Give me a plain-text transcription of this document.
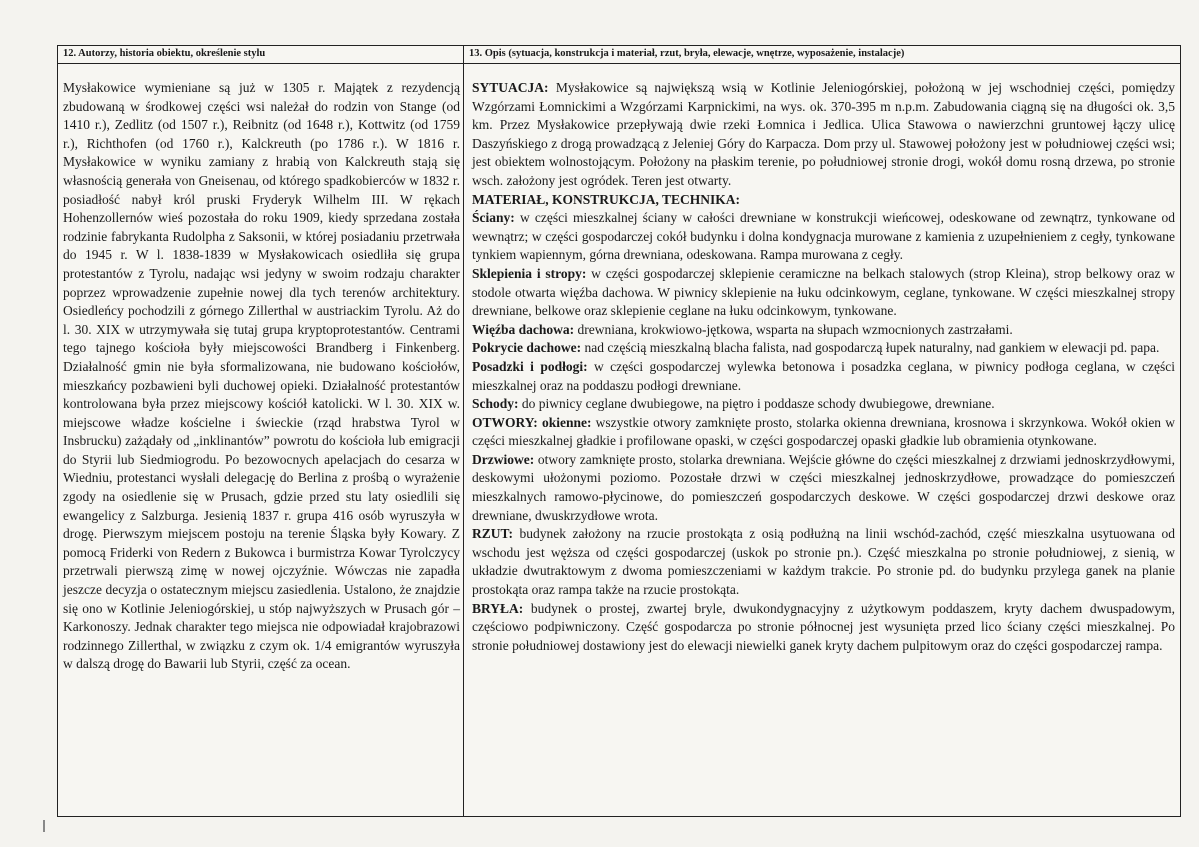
12. Autorzy, historia obiektu, określenie stylu

Mysłakowice wymieniane są już w 1305 r. Majątek z rezydencją zbudowaną w środkowej części wsi należał do rodzin von Stange (od 1410 r.), Zedlitz (od 1507 r.), Reibnitz (od 1648 r.), Kottwitz (od 1759 r.), Richthofen (od 1760 r.), Kalckreuth (po 1786 r.). W 1816 r. Mysłakowice w wyniku zamiany z hrabią von Kalckreuth stają się własnością generała von Gneisenau, od którego spadkobierców w 1832 r. posiadłość nabył król pruski Fryderyk Wilhelm III. W rękach Hohenzollernów wieś pozostała do roku 1909, kiedy sprzedana została rodzinie fabrykanta Rudolpha z Saksonii, w której posiadaniu przetrwała do 1945 r. W l. 1838-1839 w Mysłakowicach osiedliła się grupa protestantów z Tyrolu, nadając wsi jedyny w swoim rodzaju charakter poprzez wprowadzenie zupełnie nowej dla tych terenów architektury. Osiedleńcy pochodzili z górnego Zillerthal w austriackim Tyrolu. Aż do l. 30. XIX w utrzymywała się tutaj grupa kryptoprotestantów. Centrami tego tajnego kościoła były miejscowości Brandberg i Finkenberg. Działalność gmin nie była sformalizowana, nie budowano kościołów, mieszkańcy pozbawieni byli duchowej opieki. Działalność protestantów kontrolowana była przez miejscowy kościół katolicki. W l. 30. XIX w. miejscowe władze kościelne i świeckie (rząd hrabstwa Tyrol w Insbrucku) zażądały od „inklinantów” powrotu do kościoła lub emigracji do Styrii lub Siedmiogrodu. Po bezowocnych apelacjach do cesarza w Wiedniu, protestanci wysłali delegację do Berlina z prośbą o wyrażenie zgody na osiedlenie się w Prusach, gdzie przed stu laty osiedlili się ewangelicy z Salzburga. Jesienią 1837 r. grupa 416 osób wyruszyła w drogę. Pierwszym miejscem postoju na terenie Śląska były Kowary. Z pomocą Friderki von Redern z Bukowca i burmistrza Kowar Tyrolczycy przetrwali pierwszą zimę w nowej ojczyźnie. Wówczas nie zapadła jeszcze decyzja o ostatecznym miejscu zasiedlenia. Ustalono, że znajdzie się ono w Kotlinie Jeleniogórskiej, u stóp najwyższych w Prusach gór – Karkonoszy. Jednak charakter tego miejsca nie odpowiadał krajobrazowi rodzinnego Zillerthal, w związku z czym ok. 1/4 emigrantów wyruszyła w dalszą drogę do Bawarii lub Styrii, część za ocean.

13. Opis (sytuacja, konstrukcja i materiał, rzut, bryła, elewacje, wnętrze, wyposażenie, instalacje)

SYTUACJA: Mysłakowice są największą wsią w Kotlinie Jeleniogórskiej, położoną w jej wschodniej części, pomiędzy Wzgórzami Łomnickimi a Wzgórzami Karpnickimi, na wys. ok. 370-395 m n.p.m. Zabudowania ciągną się na długości ok. 3,5 km. Przez Mysłakowice przepływają dwie rzeki Łomnica i Jedlica. Ulica Stawowa o nawierzchni gruntowej łączy ulicę Daszyńskiego z drogą prowadzącą z Jeleniej Góry do Karpacza. Dom przy ul. Stawowej położony jest w południowej części wsi; jest obiektem wolnostojącym. Położony na płaskim terenie, po południowej stronie drogi, wokół domu rosną drzewa, po stronie wsch. założony jest ogródek. Teren jest otwarty.

MATERIAŁ, KONSTRUKCJA, TECHNIKA:

Ściany: w części mieszkalnej ściany w całości drewniane w konstrukcji wieńcowej, odeskowane od zewnątrz, tynkowane od wewnątrz; w części gospodarczej cokół budynku i dolna kondygnacja murowane z kamienia z uzupełnieniem z cegły, tynkowane tynkiem wapiennym, górna drewniana, odeskowana. Rampa murowana z cegły.

Sklepienia i stropy: w części gospodarczej sklepienie ceramiczne na belkach stalowych (strop Kleina), strop belkowy oraz w stodole otwarta więźba dachowa. W piwnicy sklepienie na łuku odcinkowym, ceglane, tynkowane. W części mieszkalnej stropy drewniane, belkowe oraz sklepienie ceglane na łuku odcinkowym, tynkowane.

Więźba dachowa: drewniana, krokwiowo-jętkowa, wsparta na słupach wzmocnionych zastrzałami.

Pokrycie dachowe: nad częścią mieszkalną blacha falista, nad gospodarczą łupek naturalny, nad gankiem w elewacji pd. papa.

Posadzki i podłogi: w części gospodarczej wylewka betonowa i posadzka ceglana, w piwnicy podłoga ceglana, w części mieszkalnej oraz na poddaszu podłogi drewniane.

Schody: do piwnicy ceglane dwubiegowe, na piętro i poddasze schody dwubiegowe, drewniane.

OTWORY: okienne: wszystkie otwory zamknięte prosto, stolarka okienna drewniana, krosnowa i skrzynkowa. Wokół okien w części mieszkalnej gładkie i profilowane opaski, w części gospodarczej opaski gładkie lub obramienia otynkowane.

Drzwiowe: otwory zamknięte prosto, stolarka drewniana. Wejście główne do części mieszkalnej z drzwiami jednoskrzydłowymi, deskowymi ułożonymi poziomo. Pozostałe drzwi w części mieszkalnej jednoskrzydłowe, prowadzące do pomieszczeń mieszkalnych ramowo-płycinowe, do pomieszczeń gospodarczych deskowe. W części gospodarczej drzwi deskowe oraz drewniane, dwuskrzydłowe wrota.

RZUT: budynek założony na rzucie prostokąta z osią podłużną na linii wschód-zachód, część mieszkalna usytuowana od wschodu jest węższa od części gospodarczej (uskok po stronie pn.). Część mieszkalna po stronie południowej, z sienią, w układzie dwutraktowym z dwoma pomieszczeniami w każdym trakcie. Po stronie pd. do budynku przylega ganek na planie prostokąta oraz rampa także na rzucie prostokąta.

BRYŁA: budynek o prostej, zwartej bryle, dwukondygnacyjny z użytkowym poddaszem, kryty dachem dwuspadowym, częściowo podpiwniczony. Część gospodarcza po stronie północnej jest wysunięta przed lico ściany części mieszkalnej. Po stronie południowej dostawiony jest do elewacji niewielki ganek kryty dachem pulpitowym oraz do części gospodarczej rampa.
